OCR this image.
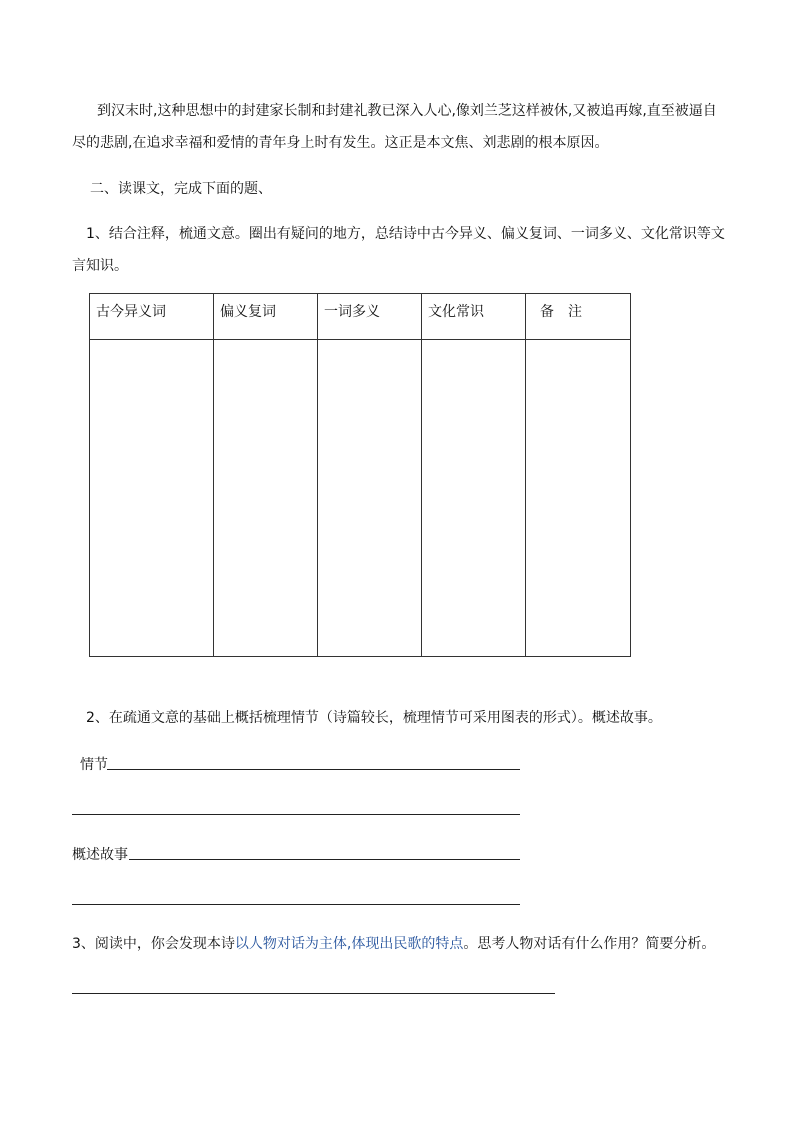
到汉末时,这种思想中的封建家长制和封建礼教已深入人心,像刘兰芝这样被休,又被追再嫁,直至被逼自
尽的悲剧,在追求幸福和爱情的青年身上时有发生。这正是本文焦、刘悲剧的根本原因。
二、读课文，完成下面的题、
1、结合注释，梳通文意。圈出有疑问的地方，总结诗中古今异义、偏义复词、一词多义、文化常识等文
言知识。
古今异义词	偏义复词	一词多义	文化常识	备　注

2、在疏通文意的基础上概括梳理情节（诗篇较长，梳理情节可采用图表的形式）。概述故事。
情节
概述故事
3、阅读中，你会发现本诗以人物对话为主体,体现出民歌的特点。思考人物对话有什么作用？简要分析。
